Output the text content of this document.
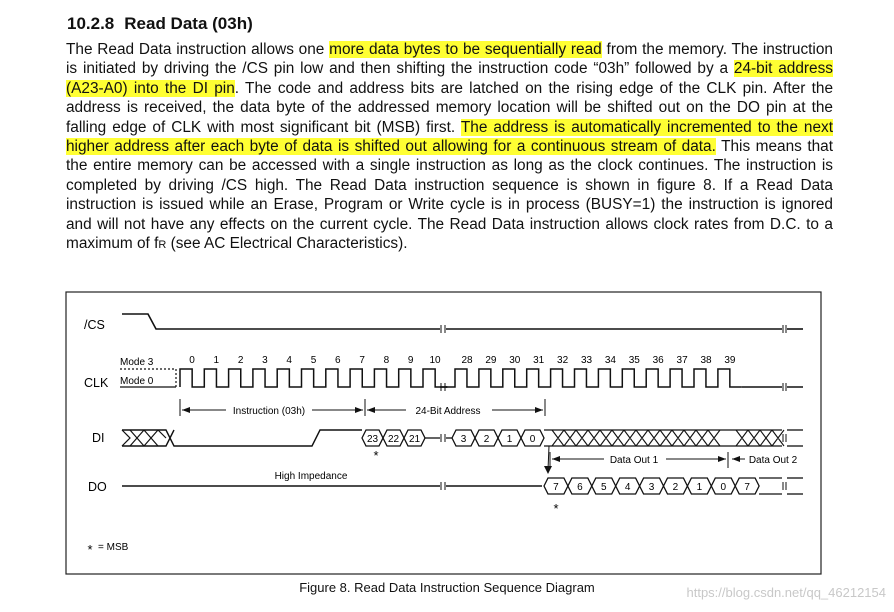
10.2.8 Read Data (03h)
The Read Data instruction allows one more data bytes to be sequentially read from the memory. The instruction is initiated by driving the /CS pin low and then shifting the instruction code “03h” followed by a 24-bit address (A23-A0) into the DI pin. The code and address bits are latched on the rising edge of the CLK pin. After the address is received, the data byte of the addressed memory location will be shifted out on the DO pin at the falling edge of CLK with most significant bit (MSB) first. The address is automatically incremented to the next higher address after each byte of data is shifted out allowing for a continuous stream of data. This means that the entire memory can be accessed with a single instruction as long as the clock continues. The instruction is completed by driving /CS high. The Read Data instruction sequence is shown in figure 8. If a Read Data instruction is issued while an Erase, Program or Write cycle is in process (BUSY=1) the instruction is ignored and will not have any effects on the current cycle. The Read Data instruction allows clock rates from D.C. to a maximum of fR (see AC Electrical Characteristics).
/CS
CLK
DI
DO
Mode 3
Mode 0
0 1 2 3 4 5 6 7 8 9 10 28 29 30 31 32 33 34 35 36 37 38 39
Instruction (03h)	24-Bit Address
23 22 21	3 2 1 0
*	Data Out 1	Data Out 2
High Impedance
7 6 5 4 3 2 1 0 7
*
* = MSB
Figure 8. Read Data Instruction Sequence Diagram	https://blog.csdn.net/qq_46212154
